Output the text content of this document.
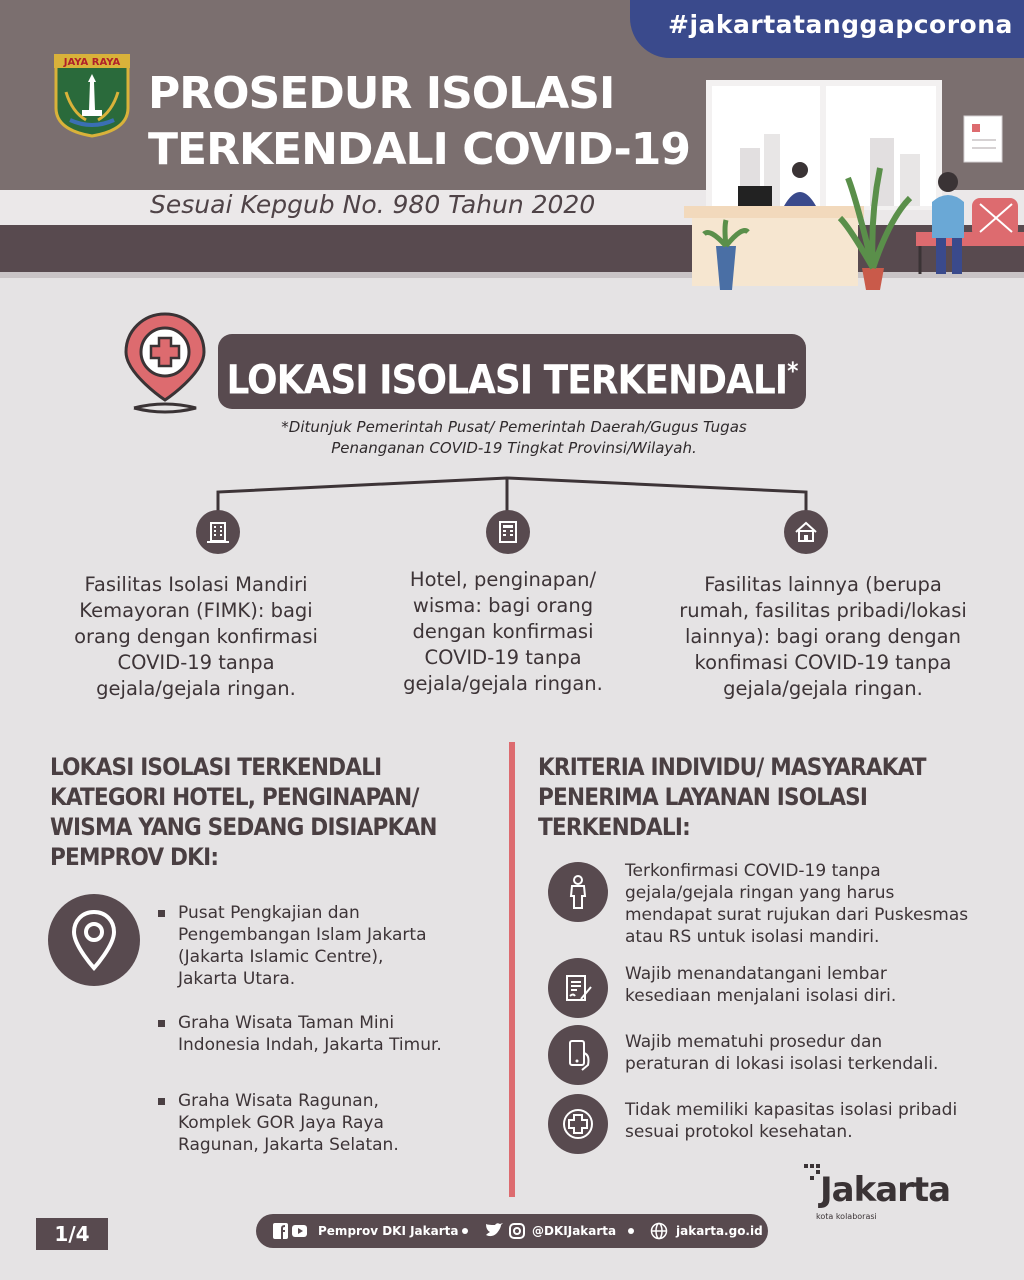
#jakartatanggapcorona
JAYA RAYA
PROSEDUR ISOLASI
TERKENDALI COVID-19
Sesuai Kepgub No. 980 Tahun 2020
LOKASI ISOLASI TERKENDALI*
*Ditunjuk Pemerintah Pusat/ Pemerintah Daerah/Gugus Tugas
Penanganan COVID-19 Tingkat Provinsi/Wilayah.
Fasilitas Isolasi Mandiri
Kemayoran (FIMK): bagi
orang dengan konfirmasi
COVID-19 tanpa
gejala/gejala ringan.
Hotel, penginapan/
wisma: bagi orang
dengan konfirmasi
COVID-19 tanpa
gejala/gejala ringan.
Fasilitas lainnya (berupa
rumah, fasilitas pribadi/lokasi
lainnya): bagi orang dengan
konfimasi COVID-19 tanpa
gejala/gejala ringan.
LOKASI ISOLASI TERKENDALI
KATEGORI HOTEL, PENGINAPAN/
WISMA YANG SEDANG DISIAPKAN
PEMPROV DKI:
Pusat Pengkajian dan
Pengembangan Islam Jakarta
(Jakarta Islamic Centre),
Jakarta Utara.
Graha Wisata Taman Mini
Indonesia Indah, Jakarta Timur.
Graha Wisata Ragunan,
Komplek GOR Jaya Raya
Ragunan, Jakarta Selatan.
KRITERIA INDIVIDU/ MASYARAKAT
PENERIMA LAYANAN ISOLASI
TERKENDALI:
Terkonfirmasi COVID-19 tanpa
gejala/gejala ringan yang harus
mendapat surat rujukan dari Puskesmas
atau RS untuk isolasi mandiri.
Wajib menandatangani lembar
kesediaan menjalani isolasi diri.
Wajib mematuhi prosedur dan
peraturan di lokasi isolasi terkendali.
Tidak memiliki kapasitas isolasi pribadi
sesuai protokol kesehatan.
1/4	Pemprov DKI Jakarta	@DKIJakarta	jakarta.go.id
Jakarta
kota kolaborasi
